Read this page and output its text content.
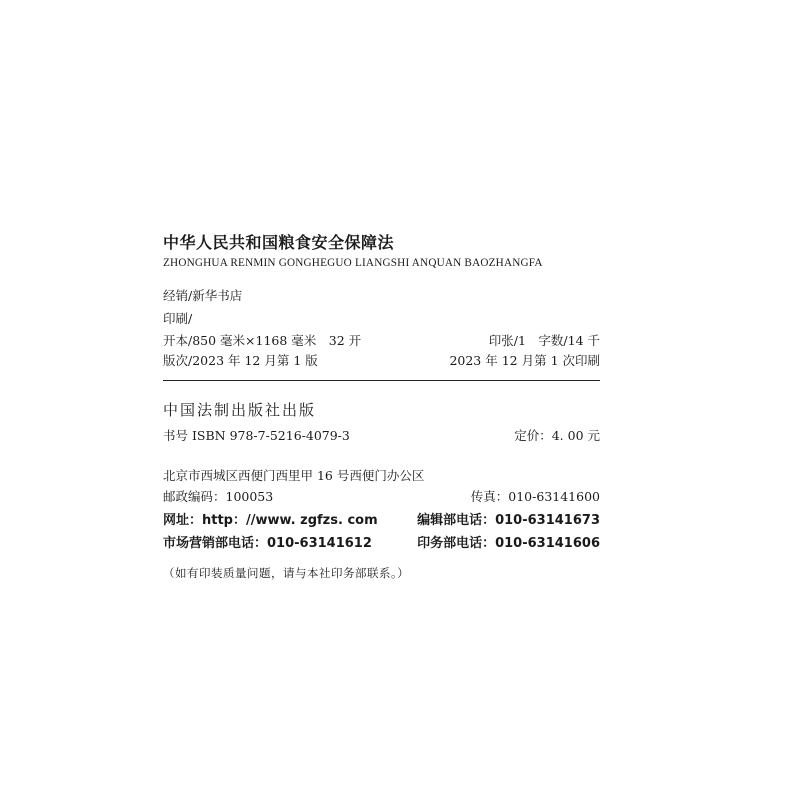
中华人民共和国粮食安全保障法
ZHONGHUA RENMIN GONGHEGUO LIANGSHI ANQUAN BAOZHANGFA
经销/新华书店
印刷/
开本/850 毫米×1168 毫米　32 开	印张/1　字数/14 千
版次/2023 年 12 月第 1 版	2023 年 12 月第 1 次印刷
中国法制出版社出版
书号 ISBN 978-7-5216-4079-3	定价：4. 00 元
北京市西城区西便门西里甲 16 号西便门办公区
邮政编码：100053	传真：010-63141600
网址：http：//www. zgfzs. com	编辑部电话：010-63141673
市场营销部电话：010-63141612	印务部电话：010-63141606
（如有印装质量问题，请与本社印务部联系。）
